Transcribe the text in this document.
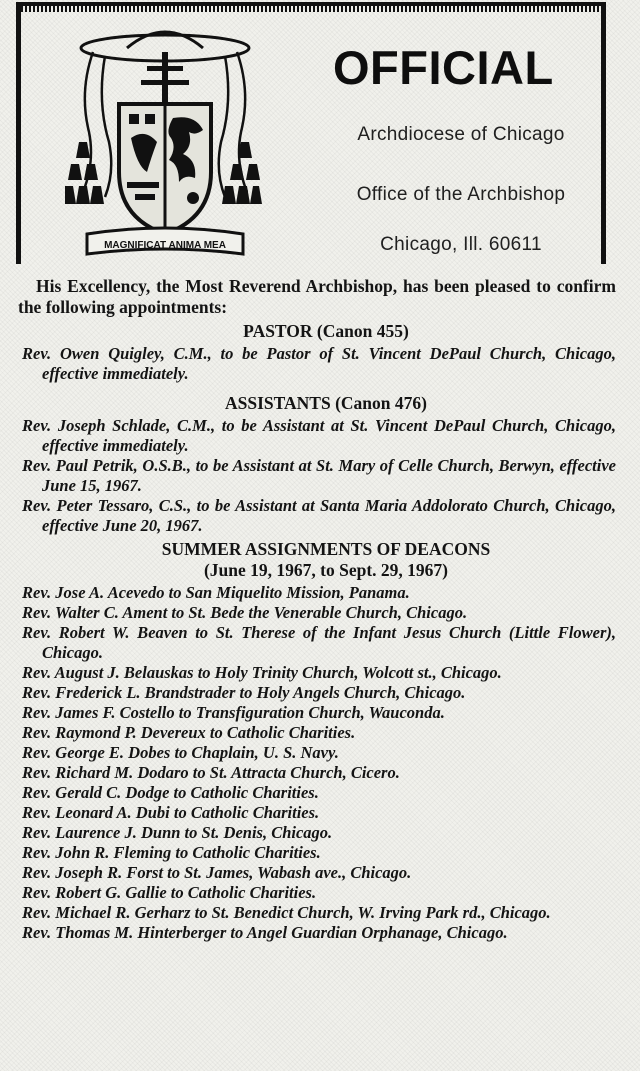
MAGNIFICAT ANIMA MEA
OFFICIAL
Archdiocese of Chicago
Office of the Archbishop
Chicago, Ill. 60611

His Excellency, the Most Reverend Archbishop, has been pleased to confirm the following appointments:

PASTOR (Canon 455)

Rev. Owen Quigley, C.M., to be Pastor of St. Vincent DePaul Church, Chicago, effective immediately.

ASSISTANTS (Canon 476)

Rev. Joseph Schlade, C.M., to be Assistant at St. Vincent DePaul Church, Chicago, effective immediately.

Rev. Paul Petrik, O.S.B., to be Assistant at St. Mary of Celle Church, Berwyn, effective June 15, 1967.

Rev. Peter Tessaro, C.S., to be Assistant at Santa Maria Addolorato Church, Chicago, effective June 20, 1967.

SUMMER ASSIGNMENTS OF DEACONS
(June 19, 1967, to Sept. 29, 1967)

Rev. Jose A. Acevedo to San Miquelito Mission, Panama.

Rev. Walter C. Ament to St. Bede the Venerable Church, Chicago.

Rev. Robert W. Beaven to St. Therese of the Infant Jesus Church (Little Flower), Chicago.

Rev. August J. Belauskas to Holy Trinity Church, Wolcott st., Chicago.

Rev. Frederick L. Brandstrader to Holy Angels Church, Chicago.

Rev. James F. Costello to Transfiguration Church, Wauconda.

Rev. Raymond P. Devereux to Catholic Charities.

Rev. George E. Dobes to Chaplain, U. S. Navy.

Rev. Richard M. Dodaro to St. Attracta Church, Cicero.

Rev. Gerald C. Dodge to Catholic Charities.

Rev. Leonard A. Dubi to Catholic Charities.

Rev. Laurence J. Dunn to St. Denis, Chicago.

Rev. John R. Fleming to Catholic Charities.

Rev. Joseph R. Forst to St. James, Wabash ave., Chicago.

Rev. Robert G. Gallie to Catholic Charities.

Rev. Michael R. Gerharz to St. Benedict Church, W. Irving Park rd., Chicago.

Rev. Thomas M. Hinterberger to Angel Guardian Orphanage, Chicago.
